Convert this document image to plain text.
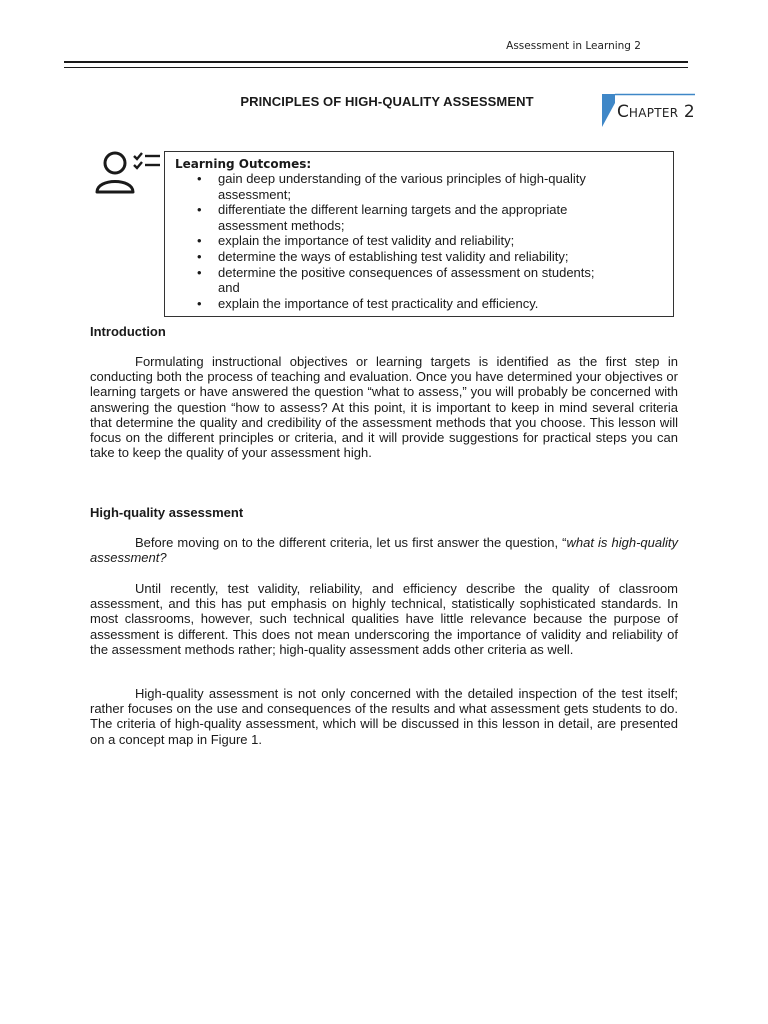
Assessment in Learning 2
PRINCIPLES OF HIGH-QUALITY ASSESSMENT
CHAPTER 2
Learning Outcomes:
• gain deep understanding of the various principles of high-quality assessment;
• differentiate the different learning targets and the appropriate assessment methods;
• explain the importance of test validity and reliability;
• determine the ways of establishing test validity and reliability;
• determine the positive consequences of assessment on students; and
• explain the importance of test practicality and efficiency.
Introduction

Formulating instructional objectives or learning targets is identified as the first step in conducting both the process of teaching and evaluation. Once you have determined your objectives or learning targets or have answered the question “what to assess,” you will probably be concerned with answering the question “how to assess? At this point, it is important to keep in mind several criteria that determine the quality and credibility of the assessment methods that you choose. This lesson will focus on the different principles or criteria, and it will provide suggestions for practical steps you can take to keep the quality of your assessment high.

High-quality assessment

Before moving on to the different criteria, let us first answer the question, “what is high-quality assessment?

Until recently, test validity, reliability, and efficiency describe the quality of classroom assessment, and this has put emphasis on highly technical, statistically sophisticated standards. In most classrooms, however, such technical qualities have little relevance because the purpose of assessment is different. This does not mean underscoring the importance of validity and reliability of the assessment methods rather; high-quality assessment adds other criteria as well.

High-quality assessment is not only concerned with the detailed inspection of the test itself; rather focuses on the use and consequences of the results and what assessment gets students to do. The criteria of high-quality assessment, which will be discussed in this lesson in detail, are presented on a concept map in Figure 1.
